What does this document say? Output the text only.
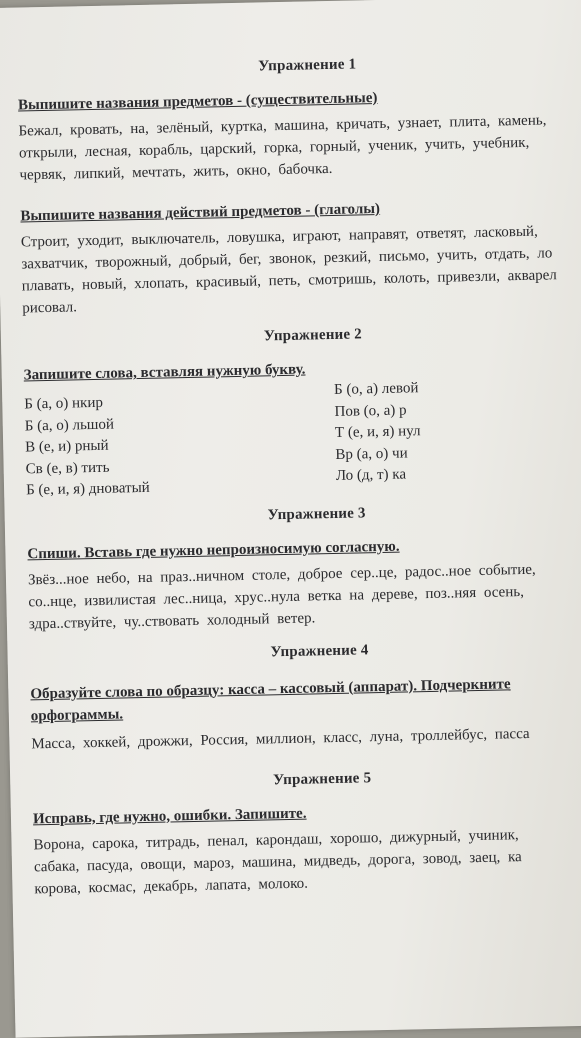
Упражнение 1
Выпишите названия предметов - (существительные)
Бежал, кровать, на, зелёный, куртка, машина, кричать, узнает, плита, камень,
открыли, лесная, корабль, царский, горка, горный, ученик, учить, учебник,
червяк, липкий, мечтать, жить, окно, бабочка.
Выпишите названия действий предметов - (глаголы)
Строит, уходит, выключатель, ловушка, играют, направят, ответят, ласковый,
захватчик, творожный, добрый, бег, звонок, резкий, письмо, учить, отдать, ло
плавать, новый, хлопать, красивый, петь, смотришь, колоть, привезли, акварел
рисовал.
Упражнение 2
Запишите слова, вставляя нужную букву.
Б (а, о) нкир
Б (а, о) льшой
В (е, и) рный
Св (е, в) тить
Б (е, и, я) дноватый
Б (о, а) левой
Пов (о, а) р
Т (е, и, я) нул
Вр (а, о) чи
Ло (д, т) ка
Упражнение 3
Спиши. Вставь где нужно непроизносимую согласную.
Звёз...ное небо, на праз..ничном столе, доброе сер..це, радос..ное событие,
со..нце, извилистая лес..ница, хрус..нула ветка на дереве, поз..няя осень,
здра..ствуйте, чу..ствовать холодный ветер.
Упражнение 4
Образуйте слова по образцу: касса – кассовый (аппарат). Подчеркните орфограммы.
Масса, хоккей, дрожжи, Россия, миллион, класс, луна, троллейбус, пасса
Упражнение 5
Исправь, где нужно, ошибки. Запишите.
Ворона, сарока, титрадь, пенал, карондаш, хорошо, дижурный, учиник,
сабака, пасуда, овощи, мароз, машина, мидведь, дорога, зовод, заец, ка
корова, космас, декабрь, лапата, молоко.
